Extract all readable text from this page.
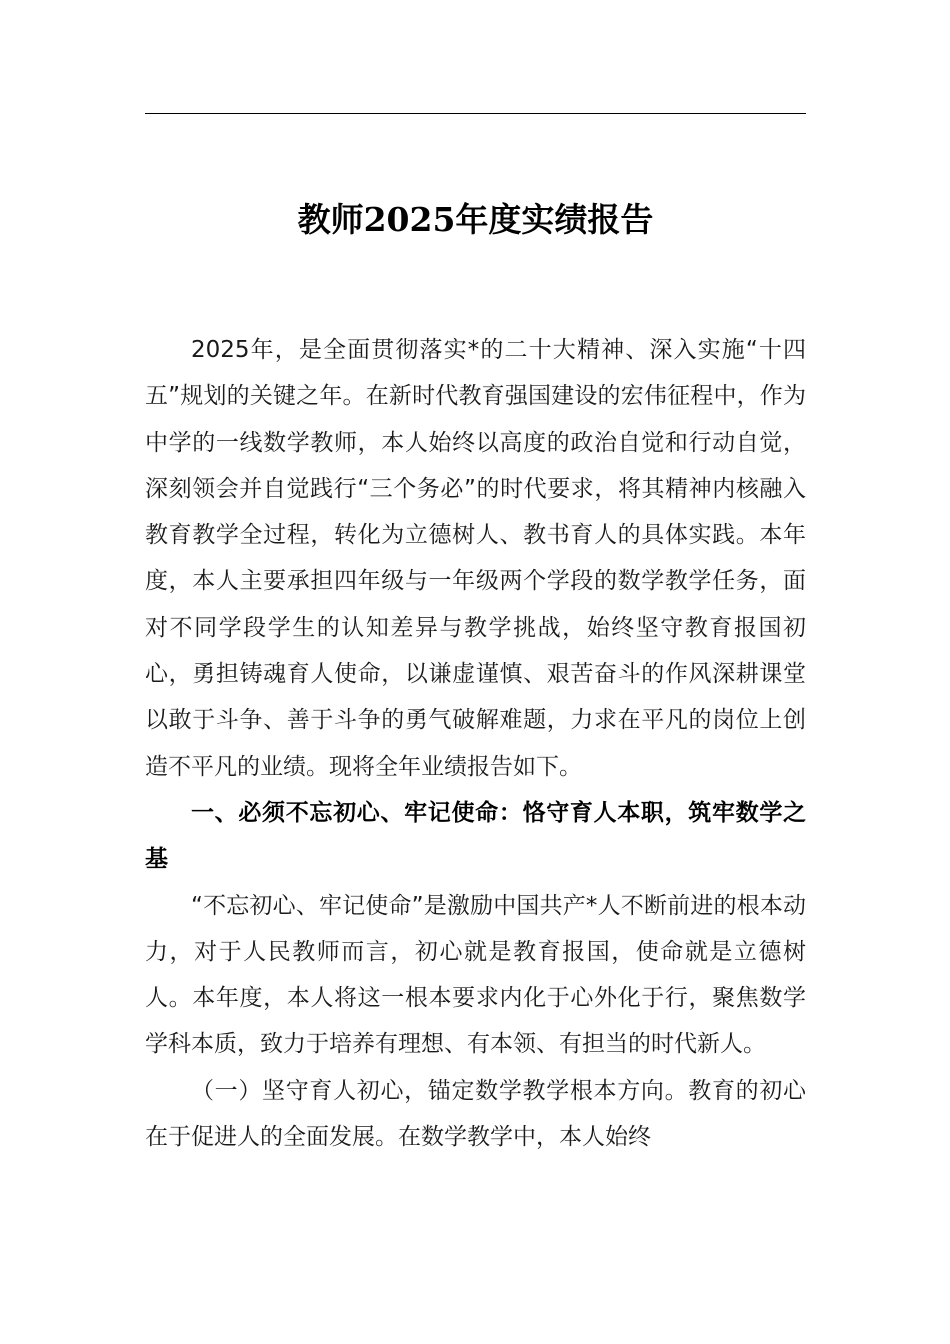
教师2025年度实绩报告

2025年，是全面贯彻落实*的二十大精神、深入实施“十四五”规划的关键之年。在新时代教育强国建设的宏伟征程中，作为中学的一线数学教师，本人始终以高度的政治自觉和行动自觉，深刻领会并自觉践行“三个务必”的时代要求，将其精神内核融入教育教学全过程，转化为立德树人、教书育人的具体实践。本年度，本人主要承担四年级与一年级两个学段的数学教学任务，面对不同学段学生的认知差异与教学挑战，始终坚守教育报国初心，勇担铸魂育人使命，以谦虚谨慎、艰苦奋斗的作风深耕课堂以敢于斗争、善于斗争的勇气破解难题，力求在平凡的岗位上创造不平凡的业绩。现将全年业绩报告如下。

一、必须不忘初心、牢记使命：恪守育人本职，筑牢数学之基

“不忘初心、牢记使命”是激励中国共产*人不断前进的根本动力，对于人民教师而言，初心就是教育报国，使命就是立德树人。本年度，本人将这一根本要求内化于心外化于行，聚焦数学学科本质，致力于培养有理想、有本领、有担当的时代新人。

（一）坚守育人初心，锚定数学教学根本方向。教育的初心在于促进人的全面发展。在数学教学中，本人始终
